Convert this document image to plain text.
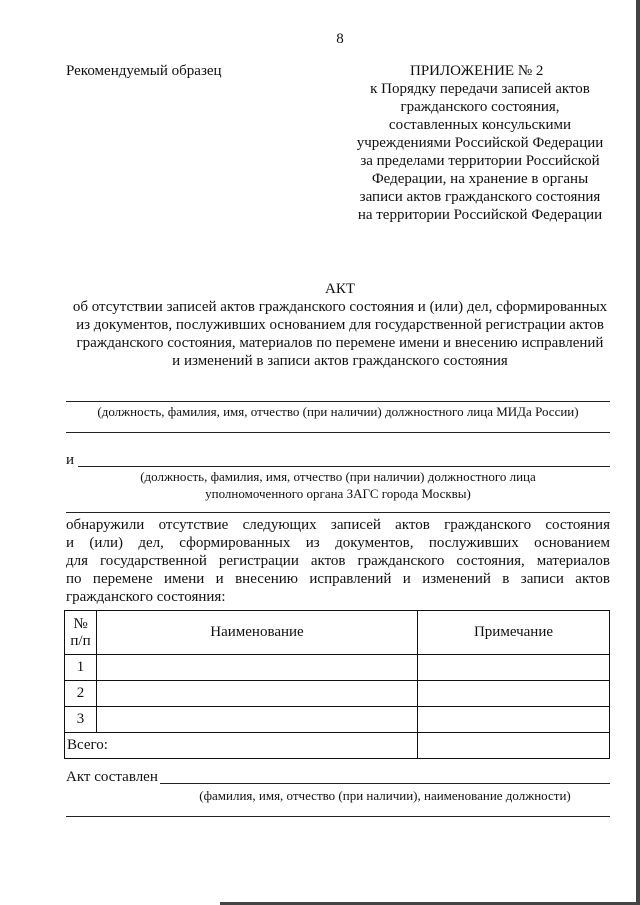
8
Рекомендуемый образец	ПРИЛОЖЕНИЕ № 2
к Порядку передачи записей актов
гражданского состояния,
составленных консульскими
учреждениями Российской Федерации
за пределами территории Российской
Федерации, на хранение в органы
записи актов гражданского состояния
на территории Российской Федерации
АКТ
об отсутствии записей актов гражданского состояния и (или) дел, сформированных
из документов, послуживших основанием для государственной регистрации актов
гражданского состояния, материалов по перемене имени и внесению исправлений
и изменений в записи актов гражданского состояния
(должность, фамилия, имя, отчество (при наличии) должностного лица МИДа России)
и
(должность, фамилия, имя, отчество (при наличии) должностного лица
уполномоченного органа ЗАГС города Москвы)
обнаружили отсутствие следующих записей актов гражданского состояния
и (или) дел, сформированных из документов, послуживших основанием
для государственной регистрации актов гражданского состояния, материалов
по перемене имени и внесению исправлений и изменений в записи актов
гражданского состояния:
№
п/п	Наименование	Примечание
1		
2		
3		
Всего:		
Акт составлен
(фамилия, имя, отчество (при наличии), наименование должности)
